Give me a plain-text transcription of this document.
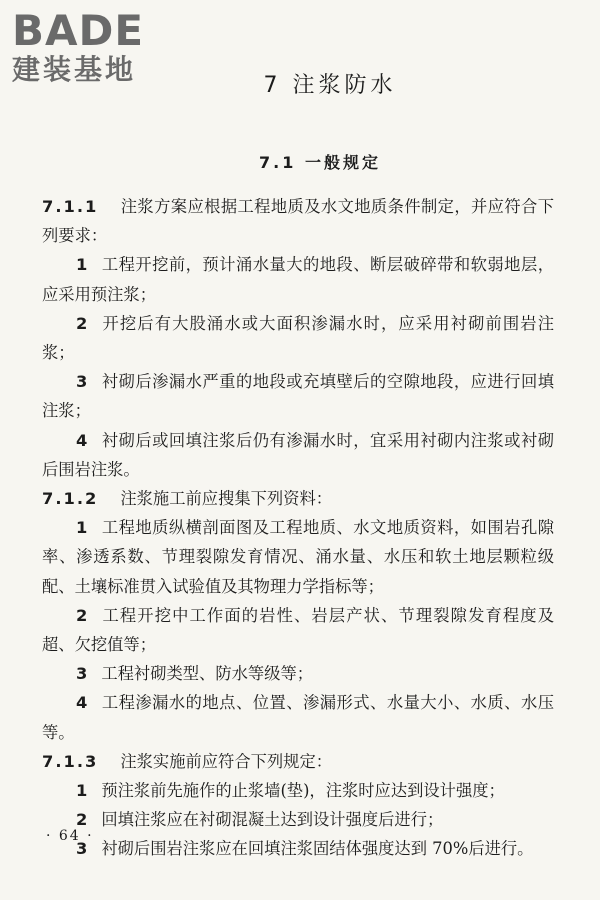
BADE
建装基地	7 注浆防水
7.1 一般规定

7.1.1 注浆方案应根据工程地质及水文地质条件制定，并应符合下列要求：

1 工程开挖前，预计涌水量大的地段、断层破碎带和软弱地层，应采用预注浆；

2 开挖后有大股涌水或大面积渗漏水时，应采用衬砌前围岩注浆；

3 衬砌后渗漏水严重的地段或充填壁后的空隙地段，应进行回填注浆；

4 衬砌后或回填注浆后仍有渗漏水时，宜采用衬砌内注浆或衬砌后围岩注浆。

7.1.2 注浆施工前应搜集下列资料：

1 工程地质纵横剖面图及工程地质、水文地质资料，如围岩孔隙率、渗透系数、节理裂隙发育情况、涌水量、水压和软土地层颗粒级配、土壤标准贯入试验值及其物理力学指标等；

2 工程开挖中工作面的岩性、岩层产状、节理裂隙发育程度及超、欠挖值等；

3 工程衬砌类型、防水等级等；

4 工程渗漏水的地点、位置、渗漏形式、水量大小、水质、水压等。

7.1.3 注浆实施前应符合下列规定：

1 预注浆前先施作的止浆墙(垫)，注浆时应达到设计强度；

2 回填注浆应在衬砌混凝土达到设计强度后进行；

3 衬砌后围岩注浆应在回填注浆固结体强度达到 70%后进行。

· 64 ·
